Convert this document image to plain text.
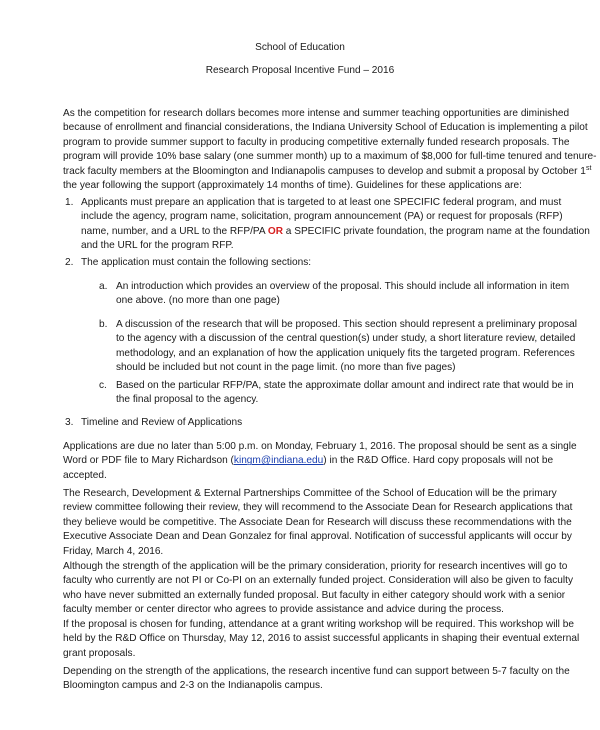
School of Education
Research Proposal Incentive Fund – 2016
As the competition for research dollars becomes more intense and summer teaching opportunities are diminished
because of enrollment and financial considerations, the Indiana University School of Education is implementing a pilot
program to provide summer support to faculty in producing competitive externally funded research proposals. The
program will provide 10% base salary (one summer month) up to a maximum of $8,000 for full-time tenured and tenure-
track faculty members at the Bloomington and Indianapolis campuses to develop and submit a proposal by October 1st
the year following the support (approximately 14 months of time). Guidelines for these applications are:
1. Applicants must prepare an application that is targeted to at least one SPECIFIC federal program, and must
include the agency, program name, solicitation, program announcement (PA) or request for proposals (RFP)
name, number, and a URL to the RFP/PA OR a SPECIFIC private foundation, the program name at the foundation
and the URL for the program RFP.
2. The application must contain the following sections:
a. An introduction which provides an overview of the proposal. This should include all information in item
one above. (no more than one page)
b. A discussion of the research that will be proposed. This section should represent a preliminary proposal
to the agency with a discussion of the central question(s) under study, a short literature review, detailed
methodology, and an explanation of how the application uniquely fits the targeted program. References
should be included but not count in the page limit. (no more than five pages)
c. Based on the particular RFP/PA, state the approximate dollar amount and indirect rate that would be in
the final proposal to the agency.
3. Timeline and Review of Applications
Applications are due no later than 5:00 p.m. on Monday, February 1, 2016. The proposal should be sent as a single
Word or PDF file to Mary Richardson (kingm@indiana.edu) in the R&D Office. Hard copy proposals will not be
accepted.
The Research, Development & External Partnerships Committee of the School of Education will be the primary
review committee following their review, they will recommend to the Associate Dean for Research applications that
they believe would be competitive. The Associate Dean for Research will discuss these recommendations with the
Executive Associate Dean and Dean Gonzalez for final approval. Notification of successful applicants will occur by
Friday, March 4, 2016.
Although the strength of the application will be the primary consideration, priority for research incentives will go to
faculty who currently are not PI or Co-PI on an externally funded project. Consideration will also be given to faculty
who have never submitted an externally funded proposal. But faculty in either category should work with a senior
faculty member or center director who agrees to provide assistance and advice during the process.
If the proposal is chosen for funding, attendance at a grant writing workshop will be required. This workshop will be
held by the R&D Office on Thursday, May 12, 2016 to assist successful applicants in shaping their eventual external
grant proposals.
Depending on the strength of the applications, the research incentive fund can support between 5-7 faculty on the
Bloomington campus and 2-3 on the Indianapolis campus.
